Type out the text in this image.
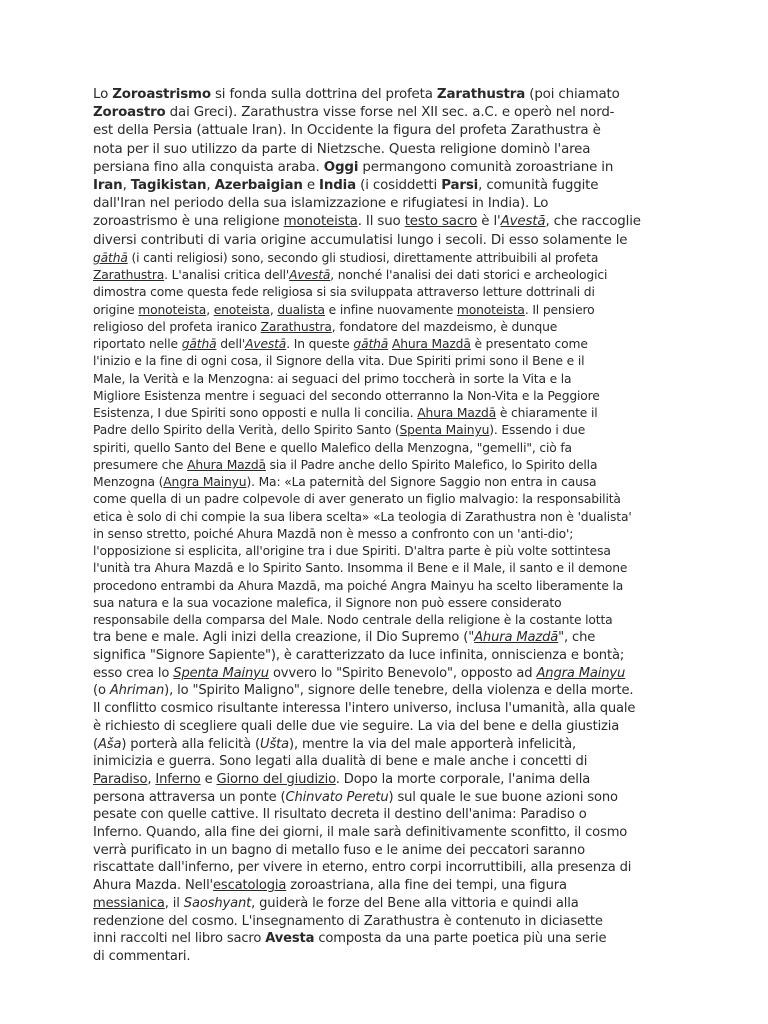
Lo Zoroastrismo si fonda sulla dottrina del profeta Zarathustra (poi chiamato
Zoroastro dai Greci). Zarathustra visse forse nel XII sec. a.C. e operò nel nord-
est della Persia (attuale Iran). In Occidente la figura del profeta Zarathustra è
nota per il suo utilizzo da parte di Nietzsche. Questa religione dominò l'area
persiana fino alla conquista araba. Oggi permangono comunità zoroastriane in
Iran, Tagikistan, Azerbaigian e India (i cosiddetti Parsi, comunità fuggite
dall'Iran nel periodo della sua islamizzazione e rifugiatesi in India). Lo
zoroastrismo è una religione monoteista. Il suo testo sacro è l'Avestā, che raccoglie
diversi contributi di varia origine accumulatisi lungo i secoli. Di esso solamente le
gāthā (i canti religiosi) sono, secondo gli studiosi, direttamente attribuibili al profeta
Zarathustra. L'analisi critica dell'Avestā, nonché l'analisi dei dati storici e archeologici
dimostra come questa fede religiosa si sia sviluppata attraverso letture dottrinali di
origine monoteista, enoteista, dualista e infine nuovamente monoteista. Il pensiero
religioso del profeta iranico Zarathustra, fondatore del mazdeismo, è dunque
riportato nelle gāthā dell'Avestā. In queste gāthā Ahura Mazdā è presentato come
l'inizio e la fine di ogni cosa, il Signore della vita. Due Spiriti primi sono il Bene e il
Male, la Verità e la Menzogna: ai seguaci del primo toccherà in sorte la Vita e la
Migliore Esistenza mentre i seguaci del secondo otterranno la Non-Vita e la Peggiore
Esistenza, I due Spiriti sono opposti e nulla li concilia. Ahura Mazdā è chiaramente il
Padre dello Spirito della Verità, dello Spirito Santo (Spenta Mainyu). Essendo i due
spiriti, quello Santo del Bene e quello Malefico della Menzogna, "gemelli", ciò fa
presumere che Ahura Mazdā sia il Padre anche dello Spirito Malefico, lo Spirito della
Menzogna (Angra Mainyu). Ma: «La paternità del Signore Saggio non entra in causa
come quella di un padre colpevole di aver generato un figlio malvagio: la responsabilità
etica è solo di chi compie la sua libera scelta» «La teologia di Zarathustra non è 'dualista'
in senso stretto, poiché Ahura Mazdā non è messo a confronto con un 'anti-dio';
l'opposizione si esplicita, all'origine tra i due Spiriti. D'altra parte è più volte sottintesa
l'unità tra Ahura Mazdā e lo Spirito Santo. Insomma il Bene e il Male, il santo e il demone
procedono entrambi da Ahura Mazdā, ma poiché Angra Mainyu ha scelto liberamente la
sua natura e la sua vocazione malefica, il Signore non può essere considerato
responsabile della comparsa del Male. Nodo centrale della religione è la costante lotta
tra bene e male. Agli inizi della creazione, il Dio Supremo ("Ahura Mazdā", che
significa "Signore Sapiente"), è caratterizzato da luce infinita, onniscienza e bontà;
esso crea lo Spenta Mainyu ovvero lo "Spirito Benevolo", opposto ad Angra Mainyu
(o Ahriman), lo "Spirito Maligno", signore delle tenebre, della violenza e della morte.
Il conflitto cosmico risultante interessa l'intero universo, inclusa l'umanità, alla quale
è richiesto di scegliere quali delle due vie seguire. La via del bene e della giustizia
(Aša) porterà alla felicità (Ušta), mentre la via del male apporterà infelicità,
inimicizia e guerra. Sono legati alla dualità di bene e male anche i concetti di
Paradiso, Inferno e Giorno del giudizio. Dopo la morte corporale, l'anima della
persona attraversa un ponte (Chinvato Peretu) sul quale le sue buone azioni sono
pesate con quelle cattive. Il risultato decreta il destino dell'anima: Paradiso o
Inferno. Quando, alla fine dei giorni, il male sarà definitivamente sconfitto, il cosmo
verrà purificato in un bagno di metallo fuso e le anime dei peccatori saranno
riscattate dall'inferno, per vivere in eterno, entro corpi incorruttibili, alla presenza di
Ahura Mazda. Nell'escatologia zoroastriana, alla fine dei tempi, una figura
messianica, il Saoshyant, guiderà le forze del Bene alla vittoria e quindi alla
redenzione del cosmo. L'insegnamento di Zarathustra è contenuto in diciasette
inni raccolti nel libro sacro Avesta composta da una parte poetica più una serie
di commentari.
